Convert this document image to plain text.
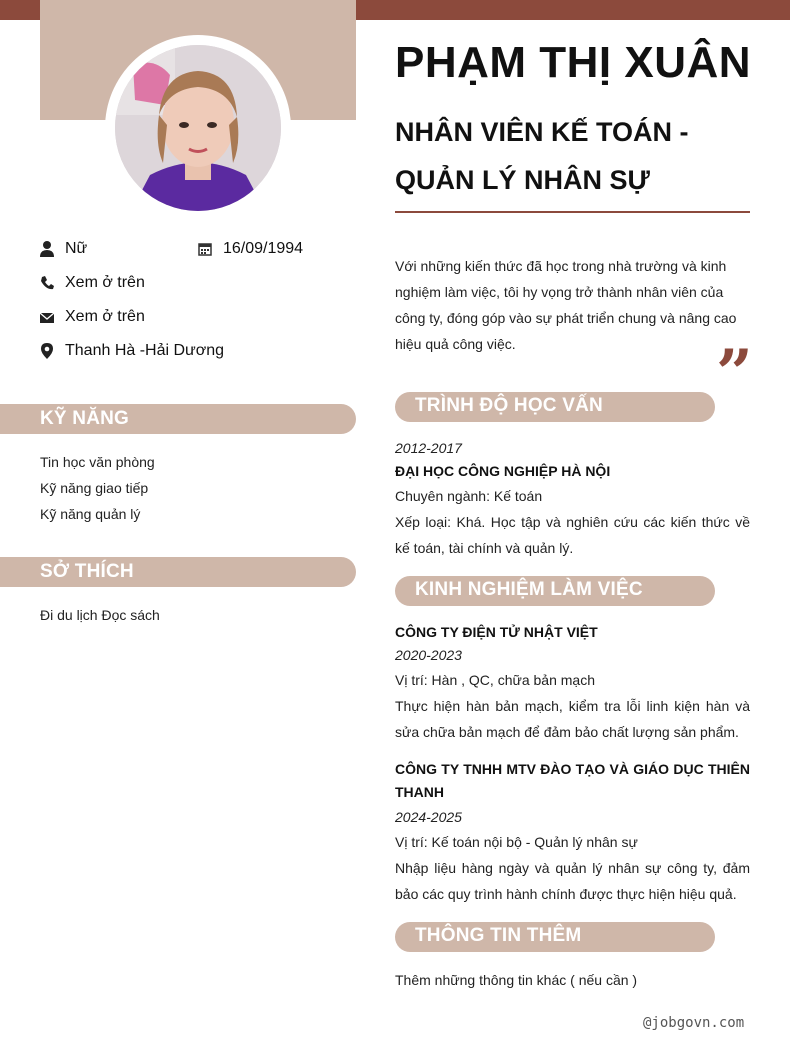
Nữ	16/09/1994
Xem ở trên
Xem ở trên
Thanh Hà -Hải Dương
KỸ NĂNG
Tin học văn phòng
Kỹ năng giao tiếp
Kỹ năng quản lý
SỞ THÍCH
Đi du lịch Đọc sách
PHẠM THỊ XUÂN
NHÂN VIÊN KẾ TOÁN -
QUẢN LÝ NHÂN SỰ
Với những kiến thức đã học trong nhà trường và kinh nghiệm làm việc, tôi hy vọng trở thành nhân viên của công ty, đóng góp vào sự phát triển chung và nâng cao hiệu quả công việc.	”
TRÌNH ĐỘ HỌC VẤN
2012-2017
ĐẠI HỌC CÔNG NGHIỆP HÀ NỘI
Chuyên ngành: Kế toán
Xếp loại: Khá. Học tập và nghiên cứu các kiến thức về kế toán, tài chính và quản lý.
KINH NGHIỆM LÀM VIỆC
CÔNG TY ĐIỆN TỬ NHẬT VIỆT
2020-2023
Vị trí: Hàn , QC, chữa bản mạch
Thực hiện hàn bản mạch, kiểm tra lỗi linh kiện hàn và sửa chữa bản mạch để đảm bảo chất lượng sản phẩm.
CÔNG TY TNHH MTV ĐÀO TẠO VÀ GIÁO DỤC THIÊN THANH
2024-2025
Vị trí: Kế toán nội bộ - Quản lý nhân sự
Nhập liệu hàng ngày và quản lý nhân sự công ty, đảm bảo các quy trình hành chính được thực hiện hiệu quả.
THÔNG TIN THÊM
Thêm những thông tin khác ( nếu cần )
@jobgovn.com
